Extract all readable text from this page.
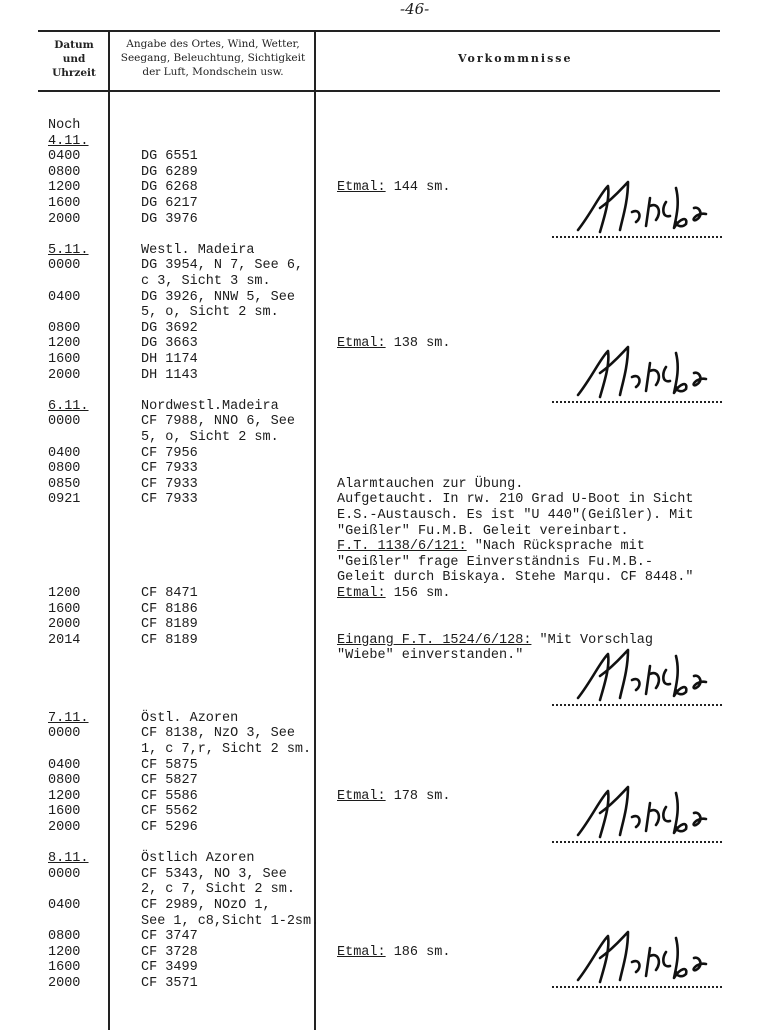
-46-
Datum
und
Uhrzeit
Angabe des Ortes, Wind, Wetter,
Seegang, Beleuchtung, Sichtigkeit
der Luft, Mondschein usw.
Vorkommnisse
Noch
4.11.
0400	DG 6551
0800	DG 6289
1200	DG 6268	Etmal: 144 sm.
1600	DG 6217
2000	DG 3976
5.11.	Westl. Madeira
0000	DG 3954, N 7, See 6,
c 3, Sicht 3 sm.
0400	DG 3926, NNW 5, See
5, o, Sicht 2 sm.
0800	DG 3692
1200	DG 3663	Etmal: 138 sm.
1600	DH 1174
2000	DH 1143
6.11.	Nordwestl.Madeira
0000	CF 7988, NNO 6, See
5, o, Sicht 2 sm.
0400	CF 7956
0800	CF 7933
0850	CF 7933	Alarmtauchen zur Übung.
0921	CF 7933	Aufgetaucht. In rw. 210 Grad U-Boot in Sicht
E.S.-Austausch. Es ist "U 440"(Geißler). Mit
"Geißler" Fu.M.B. Geleit vereinbart.
F.T. 1138/6/121: "Nach Rücksprache mit
"Geißler" frage Einverständnis Fu.M.B.-
Geleit durch Biskaya. Stehe Marqu. CF 8448."
1200	CF 8471	Etmal: 156 sm.
1600	CF 8186
2000	CF 8189
2014	CF 8189	Eingang F.T. 1524/6/128: "Mit Vorschlag
"Wiebe" einverstanden."
7.11.	Östl. Azoren
0000	CF 8138, NzO 3, See
1, c 7,r, Sicht 2 sm.
0400	CF 5875
0800	CF 5827
1200	CF 5586	Etmal: 178 sm.
1600	CF 5562
2000	CF 5296
8.11.	Östlich Azoren
0000	CF 5343, NO 3, See
2, c 7, Sicht 2 sm.
0400	CF 2989, NOzO 1,
See 1, c8,Sicht 1-2sm.
0800	CF 3747
1200	CF 3728	Etmal: 186 sm.
1600	CF 3499
2000	CF 3571
